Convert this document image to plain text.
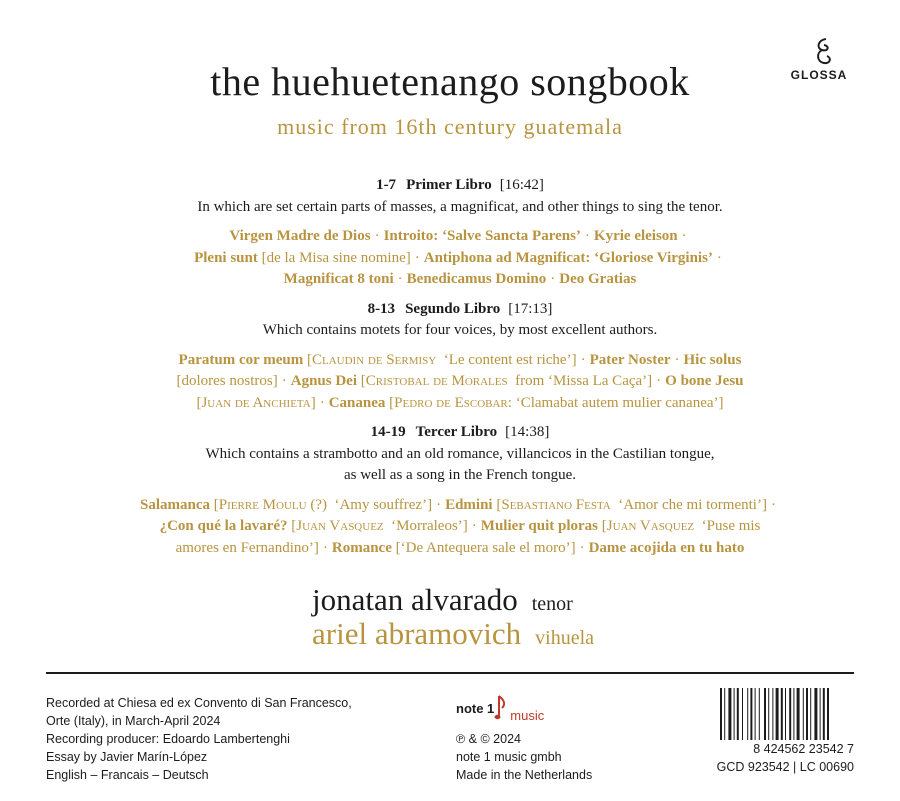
GLOSSA
the huehuetenango songbook
music from 16th century guatemala

1-7 Primer Libro [16:42]

In which are set certain parts of masses, a magnificat, and other things to sing the tenor.

Virgen Madre de Dios · Introito: ‘Salve Sancta Parens’ · Kyrie eleison ·
Pleni sunt [de la Misa sine nomine] · Antiphona ad Magnificat: ‘Gloriose Virginis’ ·
Magnificat 8 toni · Benedicamus Domino · Deo Gratias

8-13 Segundo Libro [17:13]

Which contains motets for four voices, by most excellent authors.

Paratum cor meum [Claudin de Sermisy  ‘Le content est riche’] · Pater Noster · Hic solus
[dolores nostros] · Agnus Dei [Cristobal de Morales  from ‘Missa La Caça’] · O bone Jesu
[Juan de Anchieta] · Cananea [Pedro de Escobar: ‘Clamabat autem mulier cananea’]

14-19 Tercer Libro [14:38]

Which contains a strambotto and an old romance, villancicos in the Castilian tongue,

as well as a song in the French tongue.

Salamanca [Pierre Moulu (?)  ‘Amy souffrez’] · Edmini [Sebastiano Festa  ‘Amor che mi tormenti’] ·
¿Con qué la lavaré? [Juan Vasquez  ‘Morraleos’] · Mulier quit ploras [Juan Vasquez  ‘Puse mis
amores en Fernandino’] · Romance [‘De Antequera sale el moro’] · Dame acojida en tu hato
jonatan alvarado tenor
ariel abramovich vihuela
Recorded at Chiesa ed ex Convento di San Francesco,
Orte (Italy), in March-April 2024
Recording producer: Edoardo Lambertenghi
Essay by Javier Marín-López
English – Francais – Deutsch
note 1 music
℗ & © 2024
note 1 music gmbh
Made in the Netherlands
8 424562 23542 7
GCD 923542 | LC 00690
